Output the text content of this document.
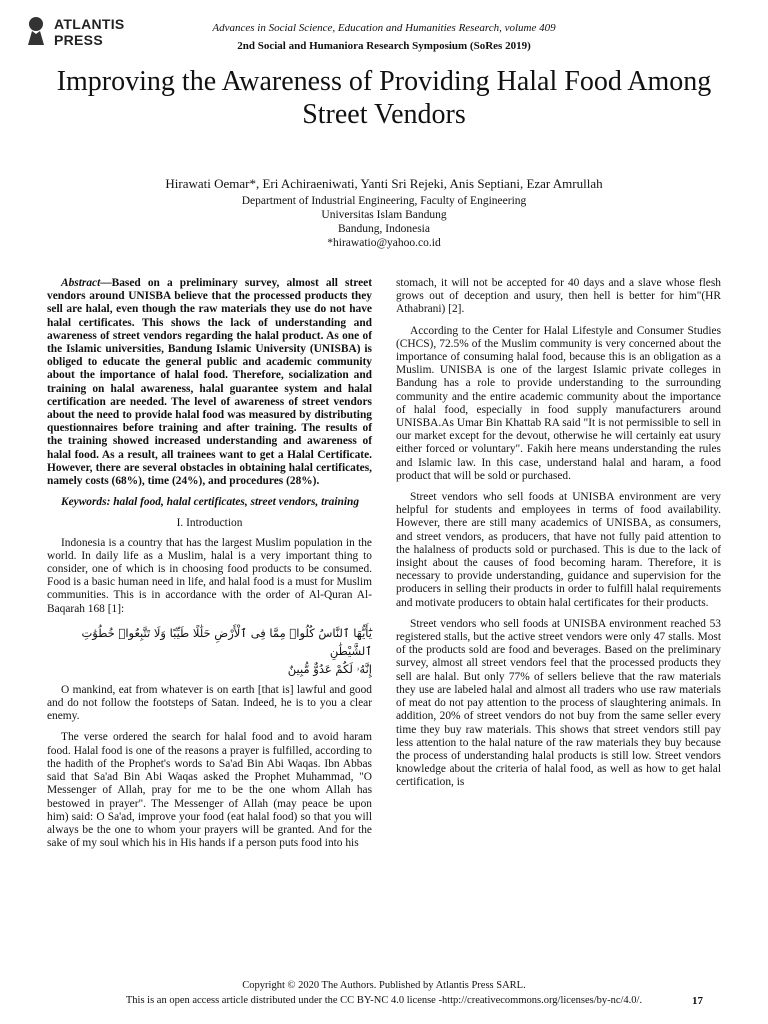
ATLANTIS
PRESS
Advances in Social Science, Education and Humanities Research, volume 409
2nd Social and Humaniora Research Symposium (SoRes 2019)
Improving the Awareness of Providing Halal Food Among Street Vendors
Hirawati Oemar*, Eri Achiraeniwati, Yanti Sri Rejeki, Anis Septiani, Ezar Amrullah
Department of Industrial Engineering, Faculty of Engineering
Universitas Islam Bandung
Bandung, Indonesia
*hirawatio@yahoo.co.id

Abstract—Based on a preliminary survey, almost all street vendors around UNISBA believe that the processed products they sell are halal, even though the raw materials they use do not have halal certificates. This shows the lack of understanding and awareness of street vendors regarding the halal product. As one of the Islamic universities, Bandung Islamic University (UNISBA) is obliged to educate the general public and academic community about the importance of halal food. Therefore, socialization and training on halal awareness, halal guarantee system and halal certification are needed. The level of awareness of street vendors about the need to provide halal food was measured by distributing questionnaires before training and after training. The results of the training showed increased understanding and awareness of halal food. As a result, all trainees want to get a Halal Certificate. However, there are several obstacles in obtaining halal certificates, namely costs (68%), time (24%), and procedures (28%).

Keywords: halal food, halal certificates, street vendors, training

I. Introduction

Indonesia is a country that has the largest Muslim population in the world. In daily life as a Muslim, halal is a very important thing to consider, one of which is in choosing food products to be consumed. Food is a basic human need in life, and halal food is a must for Muslim communities. This is in accordance with the order of Al-Quran Al-Baqarah 168 [1]:

يَٰٓأَيُّهَا ٱلنَّاسُ كُلُوا۟ مِمَّا فِى ٱلْأَرْضِ حَلَٰلًا طَيِّبًا وَلَا تَتَّبِعُوا۟ خُطُوَٰتِ ٱلشَّيْطَٰنِ
إِنَّهُۥ لَكُمْ عَدُوٌّ مُّبِينٌ

O mankind, eat from whatever is on earth [that is] lawful and good and do not follow the footsteps of Satan. Indeed, he is to you a clear enemy.

The verse ordered the search for halal food and to avoid haram food. Halal food is one of the reasons a prayer is fulfilled, according to the hadith of the Prophet's words to Sa'ad Bin Abi Waqas. Ibn Abbas said that Sa'ad Bin Abi Waqas asked the Prophet Muhammad, "O Messenger of Allah, pray for me to be the one whom Allah has bestowed in prayer". The Messenger of Allah (may peace be upon him) said: O Sa'ad, improve your food (eat halal food) so that you will always be the one to whom your prayers will be granted. And for the sake of my soul which his in His hands if a person puts food into his

stomach, it will not be accepted for 40 days and a slave whose flesh grows out of deception and usury, then hell is better for him"(HR Athabrani) [2].

According to the Center for Halal Lifestyle and Consumer Studies (CHCS), 72.5% of the Muslim community is very concerned about the importance of consuming halal food, because this is an obligation as a Muslim. UNISBA is one of the largest Islamic private colleges in Bandung has a role to provide understanding to the surrounding community and the entire academic community about the importance of halal food, especially in food supply manufacturers around UNISBA.As Umar Bin Khattab RA said "It is not permissible to sell in our market except for the devout, otherwise he will certainly eat usury either forced or voluntary". Fakih here means understanding the rules and Islamic law. In this case, understand halal and haram, a food product that will be sold or purchased.

Street vendors who sell foods at UNISBA environment are very helpful for students and employees in terms of food availability. However, there are still many academics of UNISBA, as consumers, and street vendors, as producers, that have not fully paid attention to the halalness of products sold or purchased. This is due to the lack of insight about the causes of food becoming haram. Therefore, it is necessary to provide understanding, guidance and supervision for the producers in selling their products in order to fulfill halal requirements and motivate producers to obtain halal certificates for their products.

Street vendors who sell foods at UNISBA environment reached 53 registered stalls, but the active street vendors were only 47 stalls. Most of the products sold are food and beverages. Based on the preliminary survey, almost all street vendors feel that the processed products they sell are halal. But only 77% of sellers believe that the raw materials they use are labeled halal and almost all traders who use raw materials of meat do not pay attention to the process of slaughtering animals. In addition, 20% of street vendors do not buy from the same seller every time they buy raw materials. This shows that street vendors still pay less attention to the halal nature of the raw materials they buy because the process of understanding halal products is still low. Street vendors knowledge about the criteria of halal food, as well as how to get halal certification, is

Copyright © 2020 The Authors. Published by Atlantis Press SARL.
This is an open access article distributed under the CC BY-NC 4.0 license -http://creativecommons.org/licenses/by-nc/4.0/.	17
